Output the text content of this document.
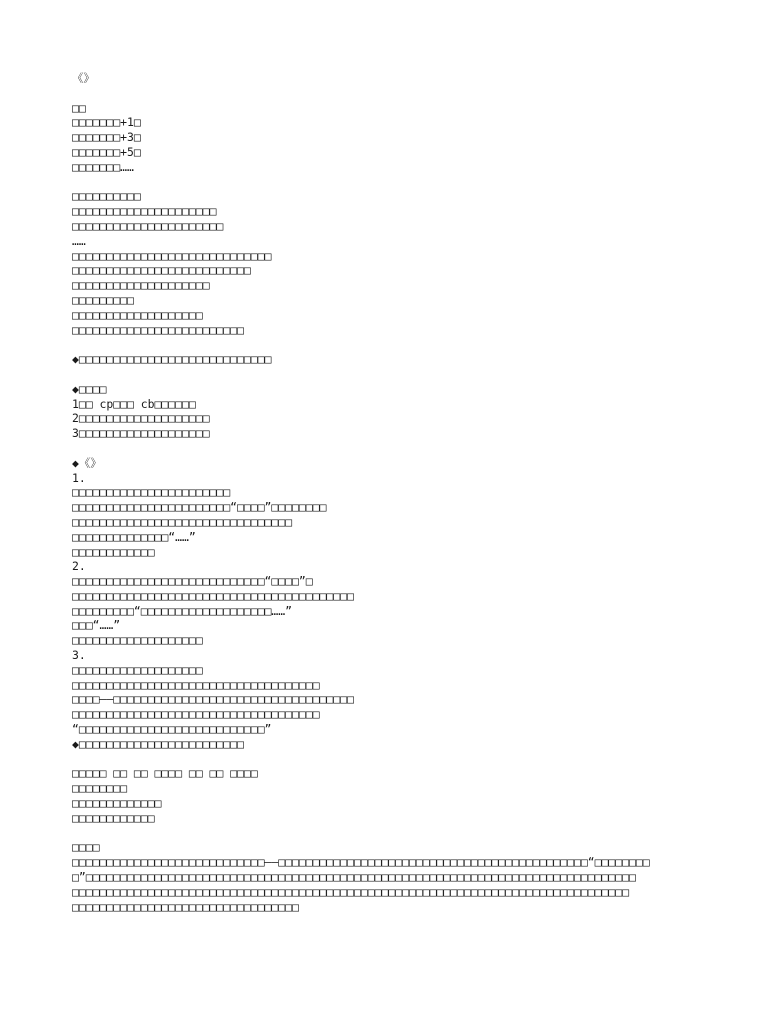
《》
□□
□□□□□□□+1□
□□□□□□□+3□
□□□□□□□+5□
□□□□□□□……
□□□□□□□□□□
□□□□□□□□□□□□□□□□□□□□□
□□□□□□□□□□□□□□□□□□□□□□
……
□□□□□□□□□□□□□□□□□□□□□□□□□□□□□
□□□□□□□□□□□□□□□□□□□□□□□□□□
□□□□□□□□□□□□□□□□□□□□
□□□□□□□□□
□□□□□□□□□□□□□□□□□□□
□□□□□□□□□□□□□□□□□□□□□□□□□
◆□□□□□□□□□□□□□□□□□□□□□□□□□□□□
◆□□□□
1□□ cp□□□ cb□□□□□□
2□□□□□□□□□□□□□□□□□□□
3□□□□□□□□□□□□□□□□□□□
◆《》
1.
□□□□□□□□□□□□□□□□□□□□□□□
□□□□□□□□□□□□□□□□□□□□□□□“□□□□”□□□□□□□□
□□□□□□□□□□□□□□□□□□□□□□□□□□□□□□□□
□□□□□□□□□□□□□□“……”
□□□□□□□□□□□□
2.
□□□□□□□□□□□□□□□□□□□□□□□□□□□□“□□□□”□
□□□□□□□□□□□□□□□□□□□□□□□□□□□□□□□□□□□□□□□□□
□□□□□□□□□“□□□□□□□□□□□□□□□□□□□……”
□□□“……”
□□□□□□□□□□□□□□□□□□□
3.
□□□□□□□□□□□□□□□□□□□
□□□□□□□□□□□□□□□□□□□□□□□□□□□□□□□□□□□□
□□□□——□□□□□□□□□□□□□□□□□□□□□□□□□□□□□□□□□□□
□□□□□□□□□□□□□□□□□□□□□□□□□□□□□□□□□□□□
“□□□□□□□□□□□□□□□□□□□□□□□□□□□”
◆□□□□□□□□□□□□□□□□□□□□□□□□
□□□□□ □□ □□ □□□□ □□ □□ □□□□
□□□□□□□□
□□□□□□□□□□□□□
□□□□□□□□□□□□
□□□□
□□□□□□□□□□□□□□□□□□□□□□□□□□□□——□□□□□□□□□□□□□□□□□□□□□□□□□□□□□□□□□□□□□□□□□□□□□“□□□□□□□□
□”□□□□□□□□□□□□□□□□□□□□□□□□□□□□□□□□□□□□□□□□□□□□□□□□□□□□□□□□□□□□□□□□□□□□□□□□□□□□□□□□
□□□□□□□□□□□□□□□□□□□□□□□□□□□□□□□□□□□□□□□□□□□□□□□□□□□□□□□□□□□□□□□□□□□□□□□□□□□□□□□□□
□□□□□□□□□□□□□□□□□□□□□□□□□□□□□□□□□
